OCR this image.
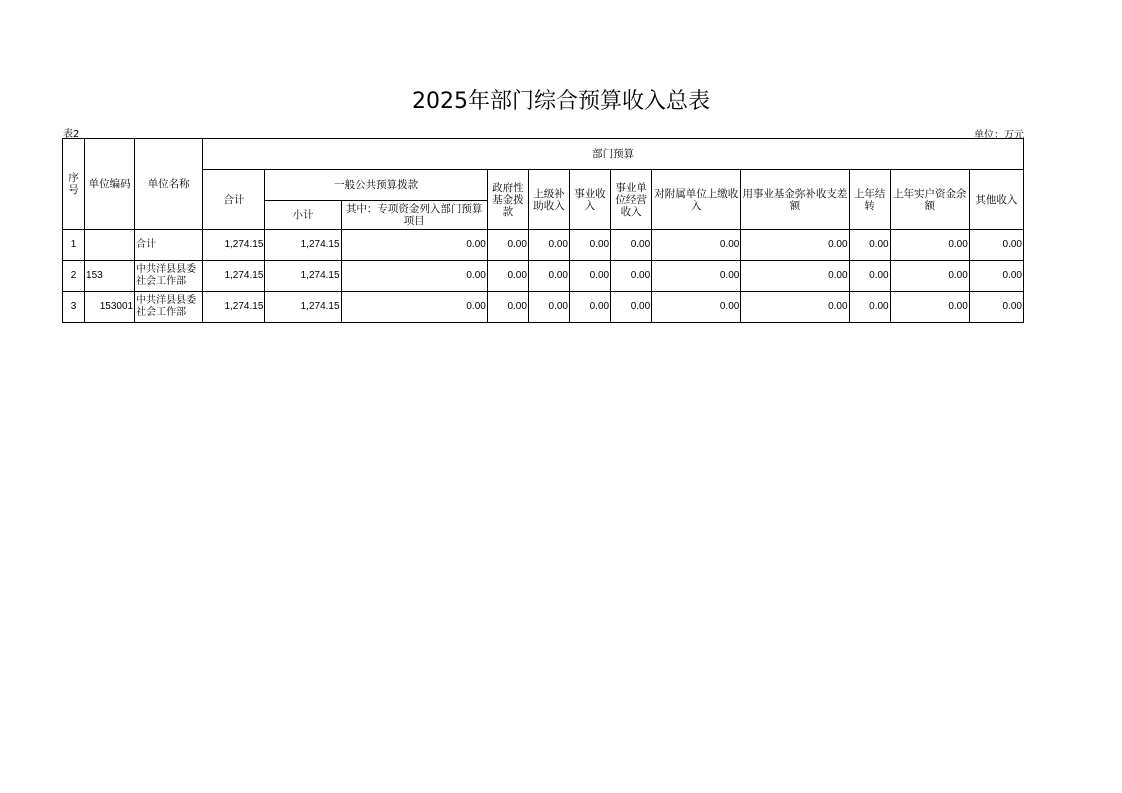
2025年部门综合预算收入总表
表2	单位：万元
序号	单位编码	单位名称	部门预算											
			合计	一般公共预算拨款		政府性基金拨款	上级补助收入	事业收入	事业单位经营收入	对附属单位上缴收入	用事业基金弥补收支差额	上年结转	上年实户资金余额	其他收入
				小计	其中：专项资金列入部门预算项目									
1		合计	1,274.15	1,274.15	0.00	0.00	0.00	0.00	0.00	0.00	0.00	0.00	0.00	0.00
2	153	中共洋县县委社会工作部	1,274.15	1,274.15	0.00	0.00	0.00	0.00	0.00	0.00	0.00	0.00	0.00	0.00
3	153001	中共洋县县委社会工作部	1,274.15	1,274.15	0.00	0.00	0.00	0.00	0.00	0.00	0.00	0.00	0.00	0.00
